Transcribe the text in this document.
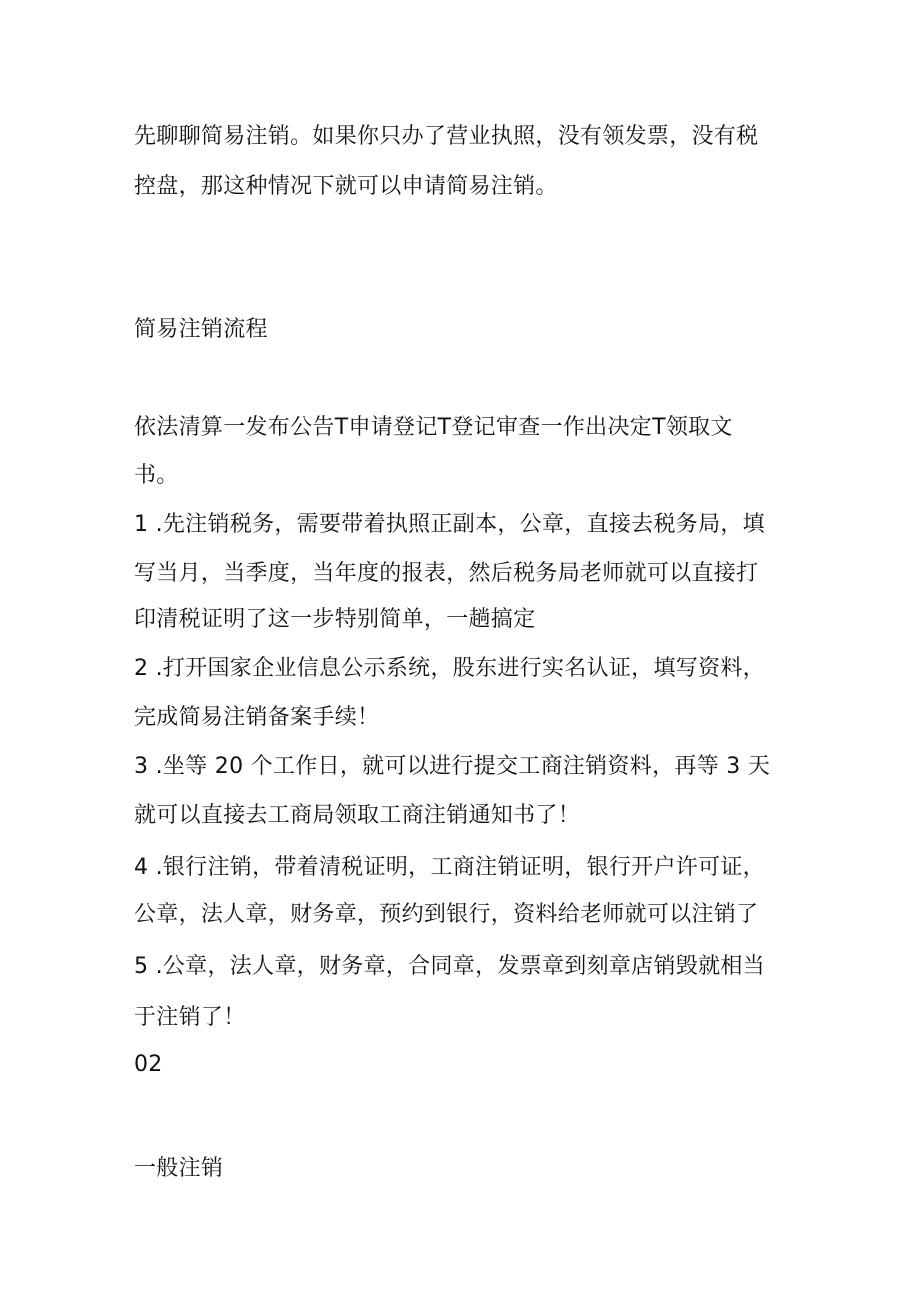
先聊聊简易注销。如果你只办了营业执照，没有领发票，没有税
控盘，那这种情况下就可以申请简易注销。
简易注销流程
依法清算一发布公告T申请登记T登记审查一作出决定T领取文
书。
1 .先注销税务，需要带着执照正副本，公章，直接去税务局，填
写当月，当季度，当年度的报表，然后税务局老师就可以直接打
印清税证明了这一步特别简单，一趟搞定
2 .打开国家企业信息公示系统，股东进行实名认证，填写资料，
完成简易注销备案手续！
3 .坐等 20 个工作日，就可以进行提交工商注销资料，再等 3 天
就可以直接去工商局领取工商注销通知书了！
4 .银行注销，带着清税证明，工商注销证明，银行开户许可证，
公章，法人章，财务章，预约到银行，资料给老师就可以注销了
5 .公章，法人章，财务章，合同章，发票章到刻章店销毁就相当
于注销了！
02
一般注销
